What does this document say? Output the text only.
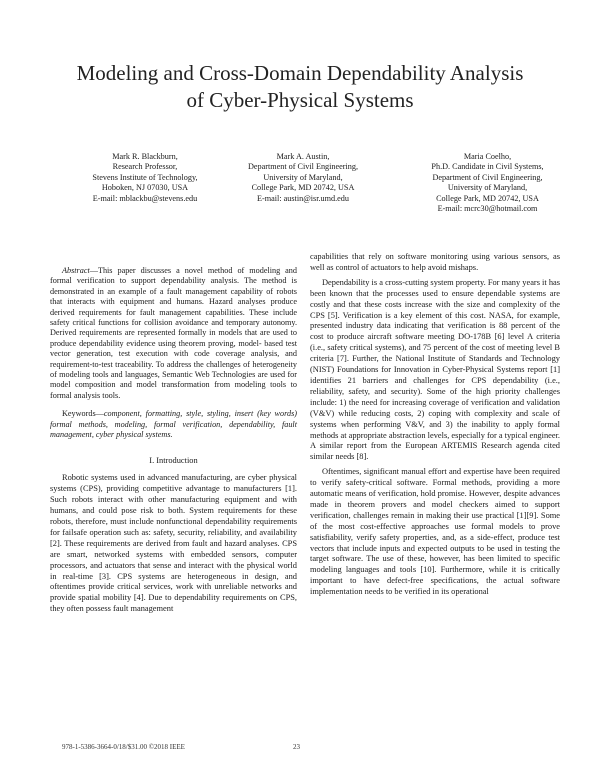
Modeling and Cross-Domain Dependability Analysis
of Cyber-Physical Systems
Mark R. Blackburn,
Research Professor,
Stevens Institute of Technology,
Hoboken, NJ 07030, USA
E-mail: mblackbu@stevens.edu
Mark A. Austin,
Department of Civil Engineering,
University of Maryland,
College Park, MD 20742, USA
E-mail: austin@isr.umd.edu
Maria Coelho,
Ph.D. Candidate in Civil Systems,
Department of Civil Engineering,
University of Maryland,
College Park, MD 20742, USA
E-mail: mcrc30@hotmail.com

Abstract—This paper discusses a novel method of modeling and formal verification to support dependability analysis. The method is demonstrated in an example of a fault management capability of robots that interacts with equipment and humans. Hazard analyses produce derived requirements for fault management capabilities. These include safety critical functions for collision avoidance and temporary autonomy. Derived requirements are represented formally in models that are used to produce dependability evidence using theorem proving, model- based test vector generation, test execution with code coverage analysis, and requirement-to-test traceability. To address the challenges of heterogeneity of modeling tools and languages, Semantic Web Technologies are used for model composition and model transformation from modeling tools to formal analysis tools.

Keywords—component, formatting, style, styling, insert (key words) formal methods, modeling, formal verification, dependability, fault management, cyber physical systems.

I. Introduction

Robotic systems used in advanced manufacturing, are cyber physical systems (CPS), providing competitive advantage to manufacturers [1]. Such robots interact with other manufacturing equipment and with humans, and could pose risk to both. System requirements for these robots, therefore, must include nonfunctional dependability requirements for failsafe operation such as: safety, security, reliability, and availability [2]. These requirements are derived from fault and hazard analyses. CPS are smart, networked systems with embedded sensors, computer processors, and actuators that sense and interact with the physical world in real-time [3]. CPS systems are heterogeneous in design, and oftentimes provide critical services, work with unreliable networks and provide spatial mobility [4]. Due to dependability requirements on CPS, they often possess fault management

capabilities that rely on software monitoring using various sensors, as well as control of actuators to help avoid mishaps.

Dependability is a cross-cutting system property. For many years it has been known that the processes used to ensure dependable systems are costly and that these costs increase with the size and complexity of the CPS [5]. Verification is a key element of this cost. NASA, for example, presented industry data indicating that verification is 88 percent of the cost to produce aircraft software meeting DO-178B [6] level A criteria (i.e., safety critical systems), and 75 percent of the cost of meeting level B criteria [7]. Further, the National Institute of Standards and Technology (NIST) Foundations for Innovation in Cyber-Physical Systems report [1] identifies 21 barriers and challenges for CPS dependability (i.e., reliability, safety, and security). Some of the high priority challenges include: 1) the need for increasing coverage of verification and validation (V&V) while reducing costs, 2) coping with complexity and scale of systems when performing V&V, and 3) the inability to apply formal methods at appropriate abstraction levels, especially for a typical engineer. A similar report from the European ARTEMIS Research agenda cited similar needs [8].

Oftentimes, significant manual effort and expertise have been required to verify safety-critical software. Formal methods, providing a more automatic means of verification, hold promise. However, despite advances made in theorem provers and model checkers aimed to support verification, challenges remain in making their use practical [1][9]. Some of the most cost-effective approaches use formal models to prove satisfiability, verify safety properties, and, as a side-effect, produce test vectors that include inputs and expected outputs to be used in testing the target software. The use of these, however, has been limited to specific modeling languages and tools [10]. Furthermore, while it is critically important to have defect-free specifications, the actual software implementation needs to be verified in its operational

978-1-5386-3664-0/18/$31.00 ©2018 IEEE	23
